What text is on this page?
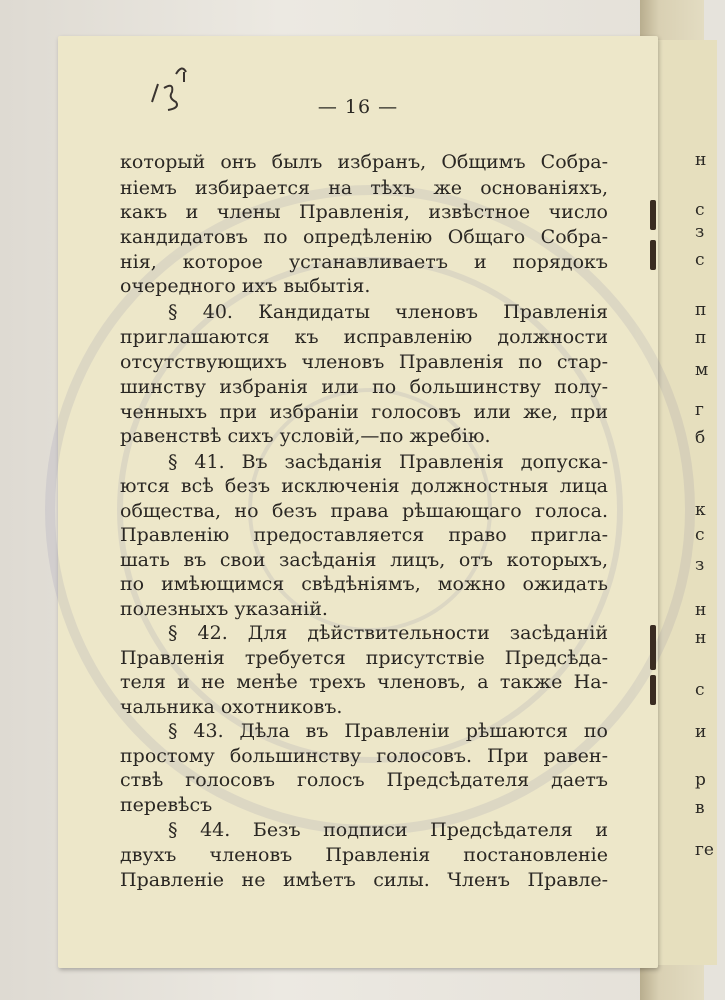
— 16 —
который онъ былъ избранъ, Общимъ Собра-
ніемъ избирается на тѣхъ же основаніяхъ,
какъ и члены Правленія, извѣстное число
кандидатовъ по опредѣленію Общаго Собра-
нія, которое устанавливаетъ и порядокъ
очередного ихъ выбытія.
§ 40. Кандидаты членовъ Правленія
приглашаются къ исправленію должности
отсутствующихъ членовъ Правленія по стар-
шинству избранія или по большинству полу-
ченныхъ при избраніи голосовъ или же, при
равенствѣ сихъ условій,—по жребію.
§ 41. Въ засѣданія Правленія допуска-
ются всѣ безъ исключенія должностныя лица
общества, но безъ права рѣшающаго голоса.
Правленію предоставляется право пригла-
шать въ свои засѣданія лицъ, отъ которыхъ,
по имѣющимся свѣдѣніямъ, можно ожидать
полезныхъ указаній.
§ 42. Для дѣйствительности засѣданій
Правленія требуется присутствіе Предсѣда-
теля и не менѣе трехъ членовъ, а также На-
чальника охотниковъ.
§ 43. Дѣла въ Правленіи рѣшаются по
простому большинству голосовъ. При равен-
ствѣ голосовъ голосъ Предсѣдателя даетъ
перевѣсъ
§ 44. Безъ подписи Предсѣдателя и
двухъ членовъ Правленія постановленіе
Правленіе не имѣетъ силы. Членъ Правле-
н
с
з
с
п
п
м
г
б
к
с
з
н
н
с
и
р
в
ге
